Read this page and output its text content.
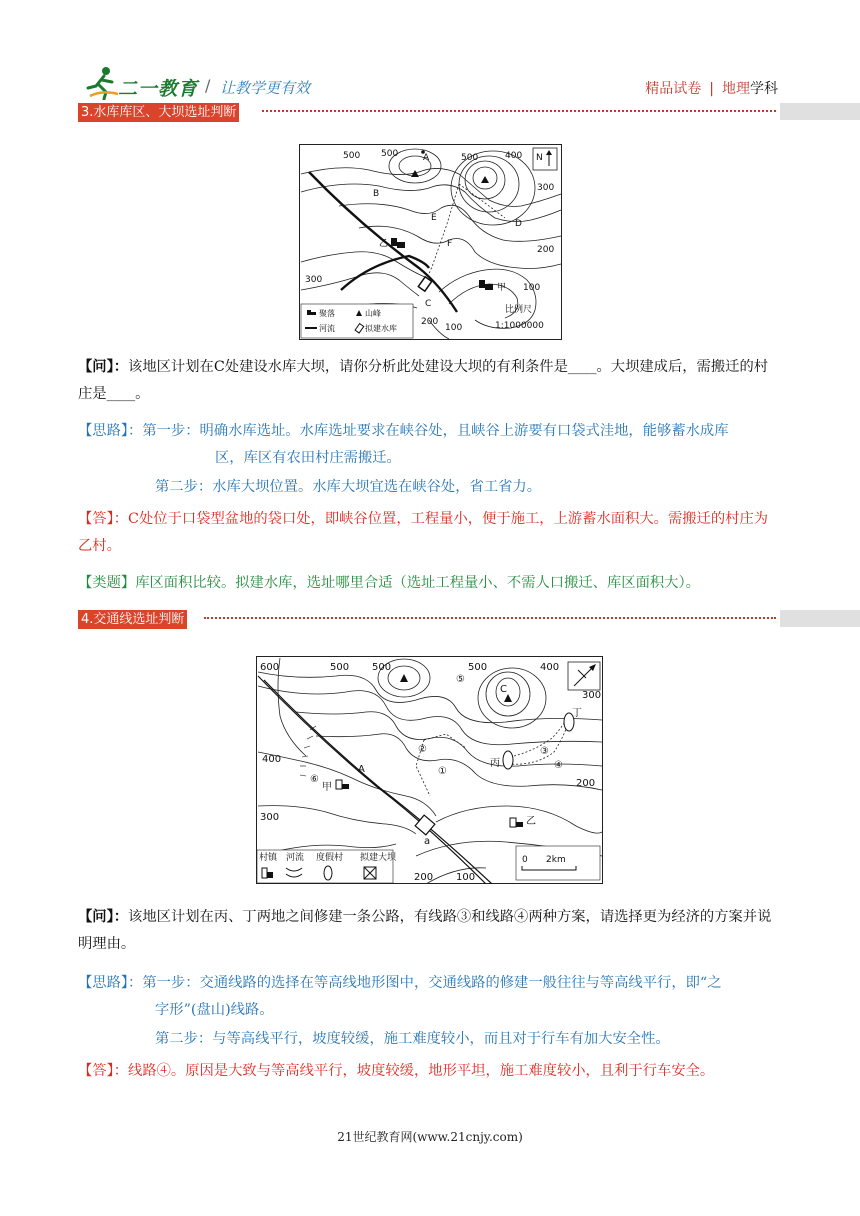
二一教育 / 让教学更有效	精品试卷 | 地理学科
3.水库库区、大坝选址判断
500 500	A	500	400 N
300
B
E
D
乙	F
200
300
甲 100
C
200
100
聚落	山峰
河流	拟建水库
比例尺
1:1000000
【问】：该地区计划在C处建设水库大坝，请你分析此处建设大坝的有利条件是____。大坝建成后，需搬迁的村庄是____。
【思路】：第一步：明确水库选址。水库选址要求在峡谷处，且峡谷上游要有口袋式洼地，能够蓄水成库
区，库区有农田村庄需搬迁。
第二步：水库大坝位置。水库大坝宜选在峡谷处，省工省力。
【答】：C处位于口袋型盆地的袋口处，即峡谷位置，工程量小，便于施工，上游蓄水面积大。需搬迁的村庄为乙村。
【类题】库区面积比较。拟建水库，选址哪里合适（选址工程量小、不需人口搬迁、库区面积大）。
4.交通线选址判断
600	500 500
⑤
500	400
C
300
丁
②	③
④
丙
A	①
400
⑥
甲	200
300	乙
a
200 100
村镇 河流 度假村 拟建大坝	0 2km
【问】：该地区计划在丙、丁两地之间修建一条公路，有线路③和线路④两种方案，请选择更为经济的方案并说明理由。
【思路】：第一步：交通线路的选择在等高线地形图中，交通线路的修建一般往往与等高线平行，即“之
字形”(盘山)线路。
第二步：与等高线平行，坡度较缓，施工难度较小，而且对于行车有加大安全性。
【答】：线路④。原因是大致与等高线平行，坡度较缓，地形平坦，施工难度较小，且利于行车安全。
21世纪教育网(www.21cnjy.com)
